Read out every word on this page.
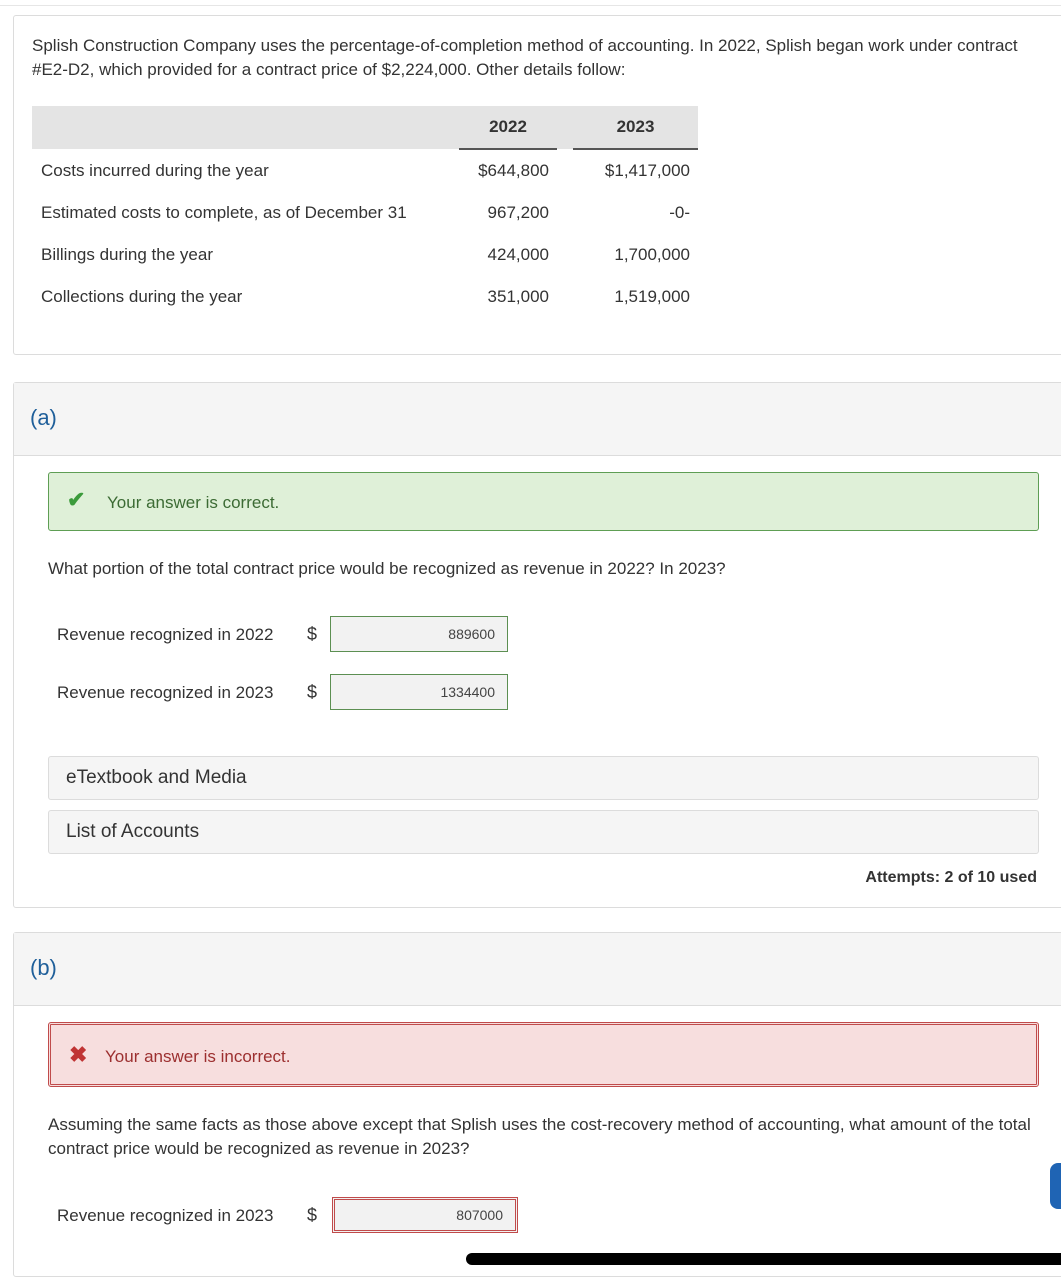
Splish Construction Company uses the percentage-of-completion method of accounting. In 2022, Splish began work under contract #E2-D2, which provided for a contract price of $2,224,000. Other details follow:
		2022		2023
Costs incurred during the year		$644,800		$1,417,000
Estimated costs to complete, as of December 31		967,200		-0-
Billings during the year		424,000		1,700,000
Collections during the year		351,000		1,519,000
(a)
✔ Your answer is correct.
What portion of the total contract price would be recognized as revenue in 2022? In 2023?
Revenue recognized in 2022	$
889600
Revenue recognized in 2023	$
1334400
eTextbook and Media
List of Accounts
Attempts: 2 of 10 used
(b)
✖ Your answer is incorrect.
Assuming the same facts as those above except that Splish uses the cost-recovery method of accounting, what amount of the total contract price would be recognized as revenue in 2023?
Revenue recognized in 2023	$
807000
